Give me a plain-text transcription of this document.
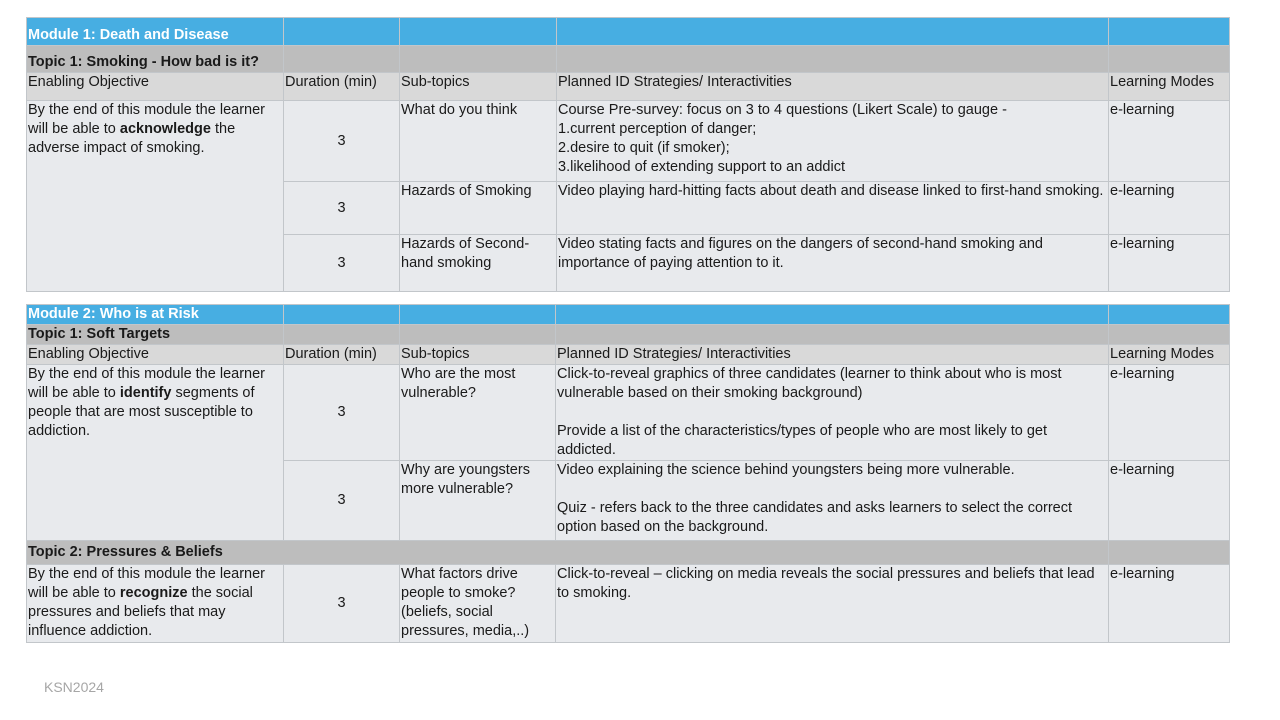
Module 1: Death and Disease				
Topic 1: Smoking - How bad is it?				
Enabling Objective	Duration (min)	Sub-topics	Planned ID Strategies/ Interactivities	Learning Modes
By the end of this module the learner will be able to acknowledge the adverse impact of smoking.	3	What do you think	Course Pre-survey: focus on 3 to 4 questions (Likert Scale) to gauge -
1.current perception of danger;
2.desire to quit (if smoker);
3.likelihood of extending support to an addict	e-learning
	3	Hazards of Smoking	Video playing hard-hitting facts about death and disease linked to first-hand smoking.	e-learning
	3	Hazards of Second-hand smoking	Video stating facts and figures on the dangers of second-hand smoking and importance of paying attention to it.	e-learning
Module 2: Who is at Risk				
Topic 1: Soft Targets				
Enabling Objective	Duration (min)	Sub-topics	Planned ID Strategies/ Interactivities	Learning Modes
By the end of this module the learner will be able to identify segments of people that are most susceptible to addiction.	3	Who are the most vulnerable?	Click-to-reveal graphics of three candidates (learner to think about who is most vulnerable based on their smoking background)
Provide a list of the characteristics/types of people who are most likely to get addicted.	e-learning
	3	Why are youngsters more vulnerable?	Video explaining the science behind youngsters being more vulnerable.
Quiz - refers back to the three candidates and asks learners to select the correct option based on the background.	e-learning
Topic 2: Pressures & Beliefs				
By the end of this module the learner will be able to recognize the social pressures and beliefs that may influence addiction.	3	What factors drive people to smoke? (beliefs, social pressures, media,..)	Click-to-reveal – clicking on media reveals the social pressures and beliefs that lead to smoking.	e-learning
KSN2024
